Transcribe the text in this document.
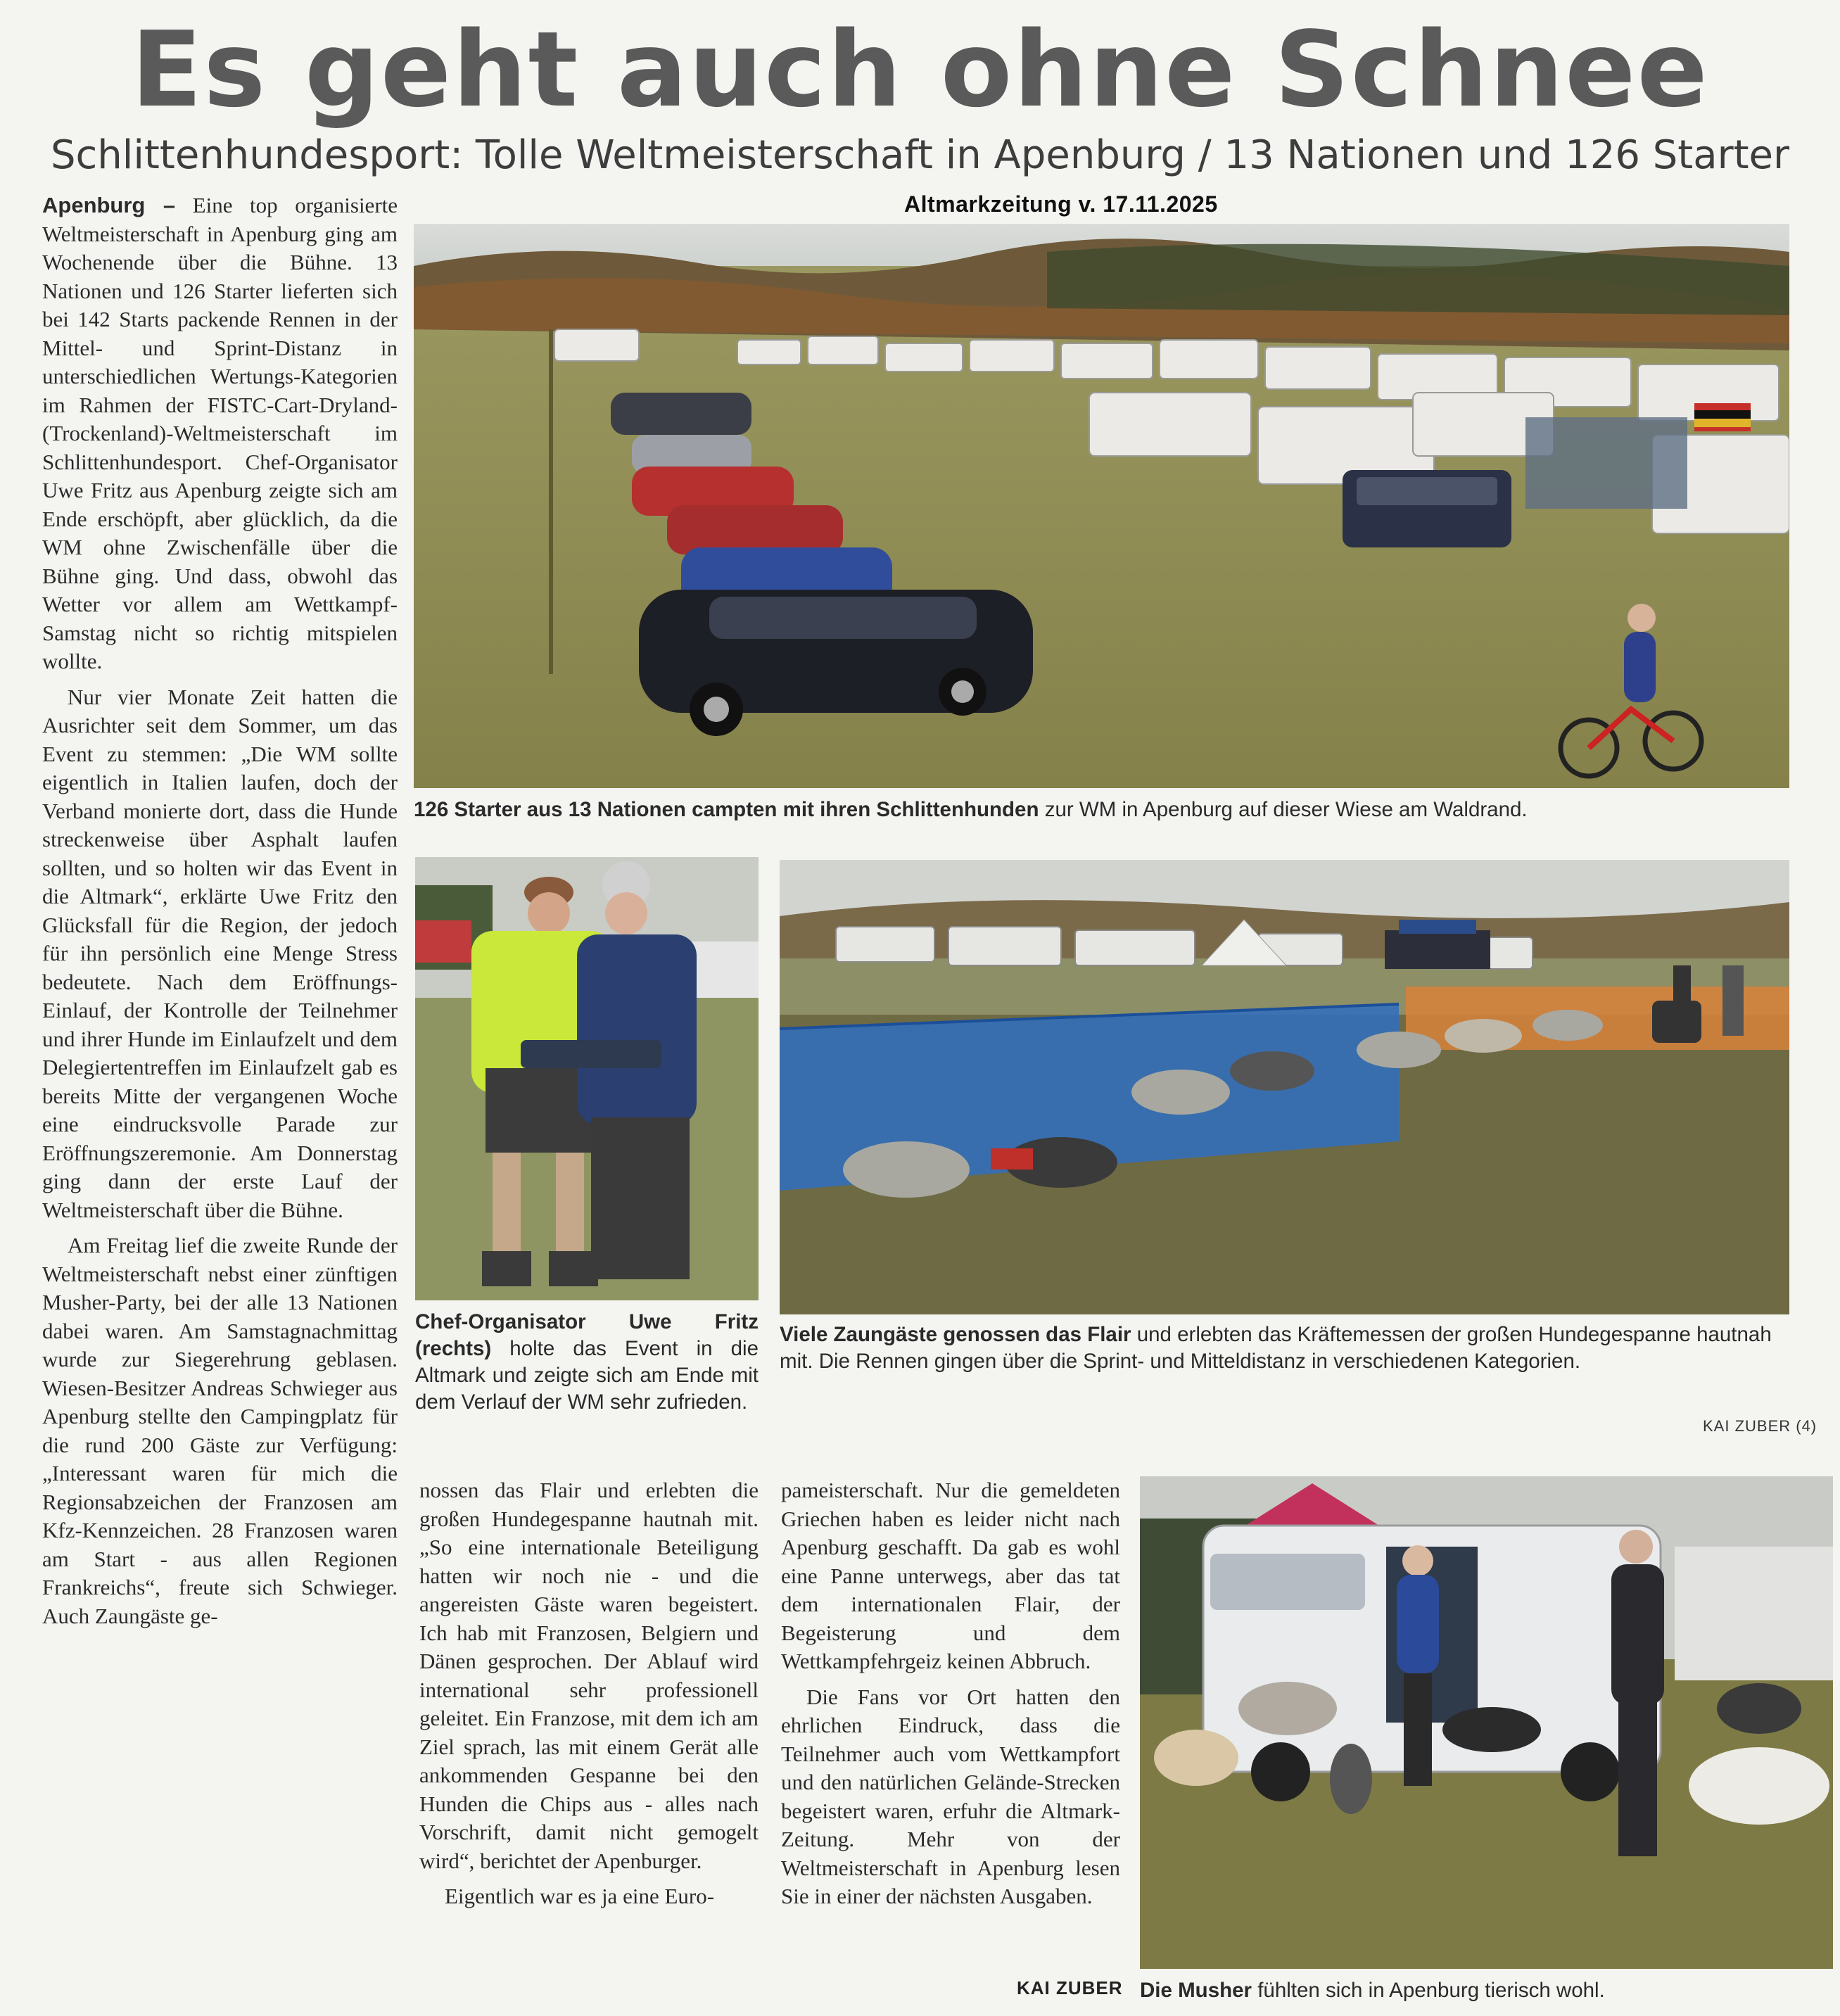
Es geht auch ohne Schnee
Schlittenhundesport: Tolle Weltmeisterschaft in Apenburg / 13 Nationen und 126 Starter
Altmarkzeitung v. 17.11.2025

Apenburg – Eine top organisierte Weltmeisterschaft in Apenburg ging am Wochenende über die Bühne. 13 Nationen und 126 Starter lieferten sich bei 142 Starts packende Rennen in der Mittel- und Sprint-Distanz in unterschiedlichen Wertungs-Kategorien im Rahmen der FISTC-Cart-Dryland-(Trockenland)-Weltmeisterschaft im Schlittenhundesport. Chef-Organisator Uwe Fritz aus Apenburg zeigte sich am Ende erschöpft, aber glücklich, da die WM ohne Zwischenfälle über die Bühne ging. Und dass, obwohl das Wetter vor allem am Wettkampf-Samstag nicht so richtig mitspielen wollte.

Nur vier Monate Zeit hatten die Ausrichter seit dem Sommer, um das Event zu stemmen: „Die WM sollte eigentlich in Italien laufen, doch der Verband monierte dort, dass die Hunde streckenweise über Asphalt laufen sollten, und so holten wir das Event in die Altmark“, erklärte Uwe Fritz den Glücksfall für die Region, der jedoch für ihn persönlich eine Menge Stress bedeutete. Nach dem Eröffnungs-Einlauf, der Kontrolle der Teilnehmer und ihrer Hunde im Einlaufzelt und dem Delegiertentreffen im Einlaufzelt gab es bereits Mitte der vergangenen Woche eine eindrucksvolle Parade zur Eröffnungszeremonie. Am Donnerstag ging dann der erste Lauf der Weltmeisterschaft über die Bühne.

Am Freitag lief die zweite Runde der Weltmeisterschaft nebst einer zünftigen Musher-Party, bei der alle 13 Nationen dabei waren. Am Samstagnachmittag wurde zur Siegerehrung geblasen. Wiesen-Besitzer Andreas Schwieger aus Apenburg stellte den Campingplatz für die rund 200 Gäste zur Verfügung: „Interessant waren für mich die Regionsabzeichen der Franzosen am Kfz-Kennzeichen. 28 Franzosen waren am Start - aus allen Regionen Frankreichs“, freute sich Schwieger. Auch Zaungäste ge-

126 Starter aus 13 Nationen campten mit ihren Schlittenhunden zur WM in Apenburg auf dieser Wiese am Waldrand.
Chef-Organisator Uwe Fritz (rechts) holte das Event in die Altmark und zeigte sich am Ende mit dem Verlauf der WM sehr zufrieden.
Viele Zaungäste genossen das Flair und erlebten das Kräftemessen der großen Hundegespanne hautnah mit. Die Rennen gingen über die Sprint- und Mitteldistanz in verschiedenen Kategorien.
KAI ZUBER (4)

nossen das Flair und erlebten die großen Hundegespanne hautnah mit. „So eine internationale Beteiligung hatten wir noch nie - und die angereisten Gäste waren begeistert. Ich hab mit Franzosen, Belgiern und Dänen gesprochen. Der Ablauf wird international sehr professionell geleitet. Ein Franzose, mit dem ich am Ziel sprach, las mit einem Gerät alle ankommenden Gespanne bei den Hunden die Chips aus - alles nach Vorschrift, damit nicht gemogelt wird“, berichtet der Apenburger.

Eigentlich war es ja eine Euro-

pameisterschaft. Nur die gemeldeten Griechen haben es leider nicht nach Apenburg geschafft. Da gab es wohl eine Panne unterwegs, aber das tat dem internationalen Flair, der Begeisterung und dem Wettkampfehrgeiz keinen Abbruch.

Die Fans vor Ort hatten den ehrlichen Eindruck, dass die Teilnehmer auch vom Wettkampfort und den natürlichen Gelände-Strecken begeistert waren, erfuhr die Altmark-Zeitung. Mehr von der Weltmeisterschaft in Apenburg lesen Sie in einer der nächsten Ausgaben.

KAI ZUBER Die Musher fühlten sich in Apenburg tierisch wohl.
